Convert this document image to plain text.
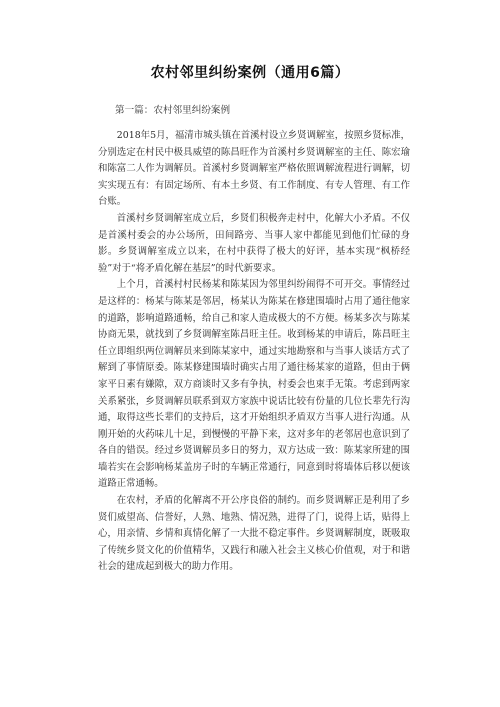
农村邻里纠纷案例（通用6篇）
第一篇：农村邻里纠纷案例

2018年5月，福清市城头镇在首溪村设立乡贤调解室，按照乡贤标准，分别选定在村民中极具威望的陈昌旺作为首溪村乡贤调解室的主任、陈宏瑜和陈富二人作为调解员。首溪村乡贤调解室严格依照调解流程进行调解，切实实现五有：有固定场所、有本土乡贤、有工作制度、有专人管理、有工作台账。

首溪村乡贤调解室成立后，乡贤们积极奔走村中，化解大小矛盾。不仅是首溪村委会的办公场所，田间路旁、当事人家中都能见到他们忙碌的身影。乡贤调解室成立以来，在村中获得了极大的好评，基本实现“枫桥经验”对于“将矛盾化解在基层”的时代新要求。

上个月，首溪村村民杨某和陈某因为邻里纠纷闹得不可开交。事情经过是这样的：杨某与陈某是邻居，杨某认为陈某在修建围墙时占用了通往他家的道路，影响道路通畅，给自己和家人造成极大的不方便。杨某多次与陈某协商无果，就找到了乡贤调解室陈昌旺主任。收到杨某的申请后，陈昌旺主任立即组织两位调解员来到陈某家中，通过实地勘察和与当事人谈话方式了解到了事情原委。陈某修建围墙时确实占用了通往杨某家的道路，但由于俩家平日素有嫌隙，双方商谈时又多有争执，村委会也束手无策。考虑到两家关系紧张，乡贤调解员联系到双方家族中说话比较有份量的几位长辈先行沟通，取得这些长辈们的支持后，这才开始组织矛盾双方当事人进行沟通。从刚开始的火药味儿十足，到慢慢的平静下来，这对多年的老邻居也意识到了各自的错误。经过乡贤调解员多日的努力，双方达成一致：陈某家所建的围墙若实在会影响杨某盖房子时的车辆正常通行，同意到时将墙体后移以便该道路正常通畅。

在农村，矛盾的化解离不开公序良俗的制约。而乡贤调解正是利用了乡贤们威望高、信誉好，人熟、地熟、情况熟，进得了门，说得上话，贴得上心，用亲情、乡情和真情化解了一大批不稳定事件。乡贤调解制度，既吸取了传统乡贤文化的价值精华，又践行和融入社会主义核心价值观，对于和谐社会的建成起到极大的助力作用。
